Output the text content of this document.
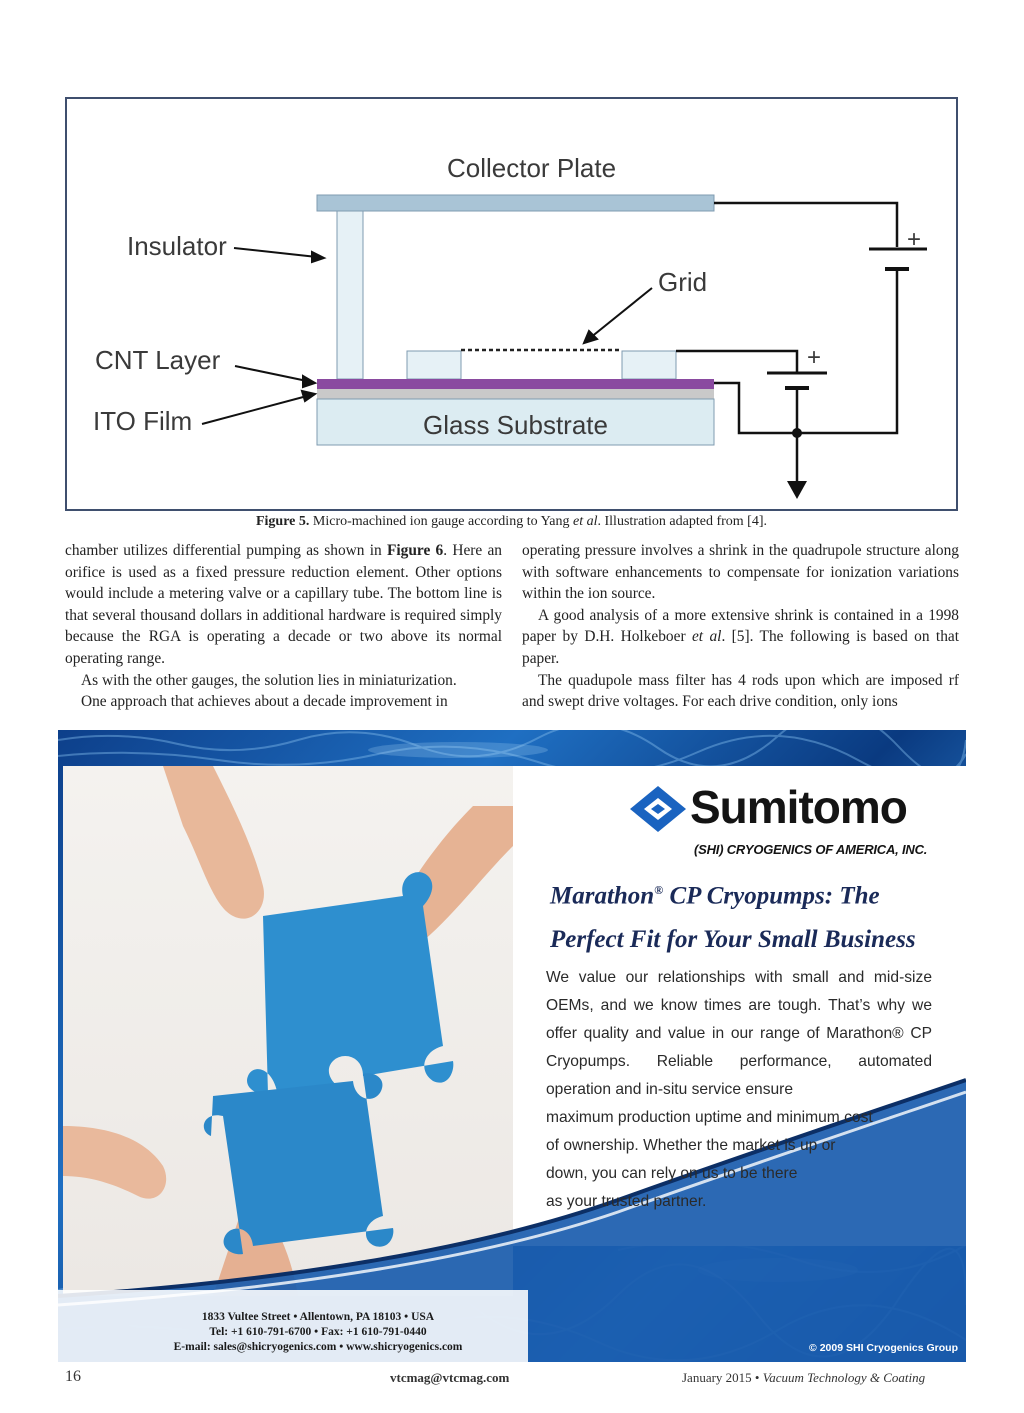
Collector Plate
Insulator
Grid
CNT Layer
ITO Film	Glass Substrate
+
+
Figure 5. Micro-machined ion gauge according to Yang et al. Illustration adapted from [4].

chamber utilizes differential pumping as shown in Figure 6. Here an orifice is used as a fixed pressure reduction element. Other options would include a metering valve or a capillary tube. The bottom line is that several thousand dollars in additional hardware is required simply because the RGA is operating a decade or two above its normal operating range.

As with the other gauges, the solution lies in miniaturization.

One approach that achieves about a decade improvement in

operating pressure involves a shrink in the quadrupole structure along with software enhancements to compensate for ionization variations within the ion source.

A good analysis of a more extensive shrink is contained in a 1998 paper by D.H. Holkeboer et al. [5]. The following is based on that paper.

The quadupole mass filter has 4 rods upon which are imposed rf and swept drive voltages. For each drive condition, only ions

Sumitomo
(SHI) CRYOGENICS OF AMERICA, INC.
Marathon® CP Cryopumps: The
Perfect Fit for Your Small Business
We value our relationships with small and mid-size OEMs, and we know times are tough. That’s why we offer quality and value in our range of Marathon® CP Cryopumps. Reliable performance, automated operation and in-situ service ensure
maximum production uptime and minimum cost
of ownership. Whether the market is up or
down, you can rely on us to be there
as your trusted partner.
1833 Vultee Street • Allentown, PA 18103 • USA
Tel: +1 610-791-6700 • Fax: +1 610-791-0440
E-mail: sales@shicryogenics.com • www.shicryogenics.com	© 2009 SHI Cryogenics Group
16	vtcmag@vtcmag.com	January 2015 • Vacuum Technology & Coating
